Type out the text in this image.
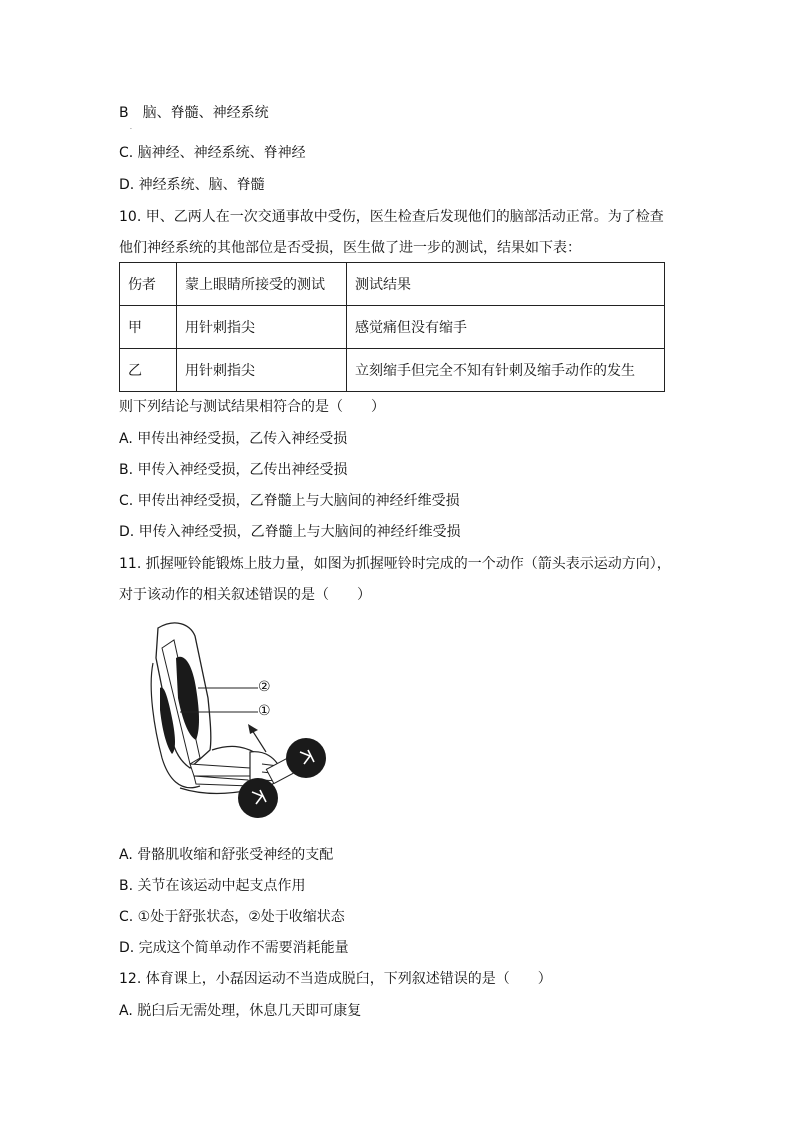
B　脑、脊髓、神经系统
·
C. 脑神经、神经系统、脊神经
D. 神经系统、脑、脊髓
10. 甲、乙两人在一次交通事故中受伤，医生检查后发现他们的脑部活动正常。为了检查
他们神经系统的其他部位是否受损，医生做了进一步的测试，结果如下表：
伤者	蒙上眼睛所接受的测试	测试结果
甲	用针刺指尖	感觉痛但没有缩手
乙	用针刺指尖	立刻缩手但完全不知有针刺及缩手动作的发生
则下列结论与测试结果相符合的是（　　）
A. 甲传出神经受损，乙传入神经受损
B. 甲传入神经受损，乙传出神经受损
C. 甲传出神经受损，乙脊髓上与大脑间的神经纤维受损
D. 甲传入神经受损，乙脊髓上与大脑间的神经纤维受损
11. 抓握哑铃能锻炼上肢力量，如图为抓握哑铃时完成的一个动作（箭头表示运动方向），
对于该动作的相关叙述错误的是（　　）
②
①
A. 骨骼肌收缩和舒张受神经的支配
B. 关节在该运动中起支点作用
C. ①处于舒张状态，②处于收缩状态
D. 完成这个简单动作不需要消耗能量
12. 体育课上，小磊因运动不当造成脱臼，下列叙述错误的是（　　）
A. 脱臼后无需处理，休息几天即可康复
